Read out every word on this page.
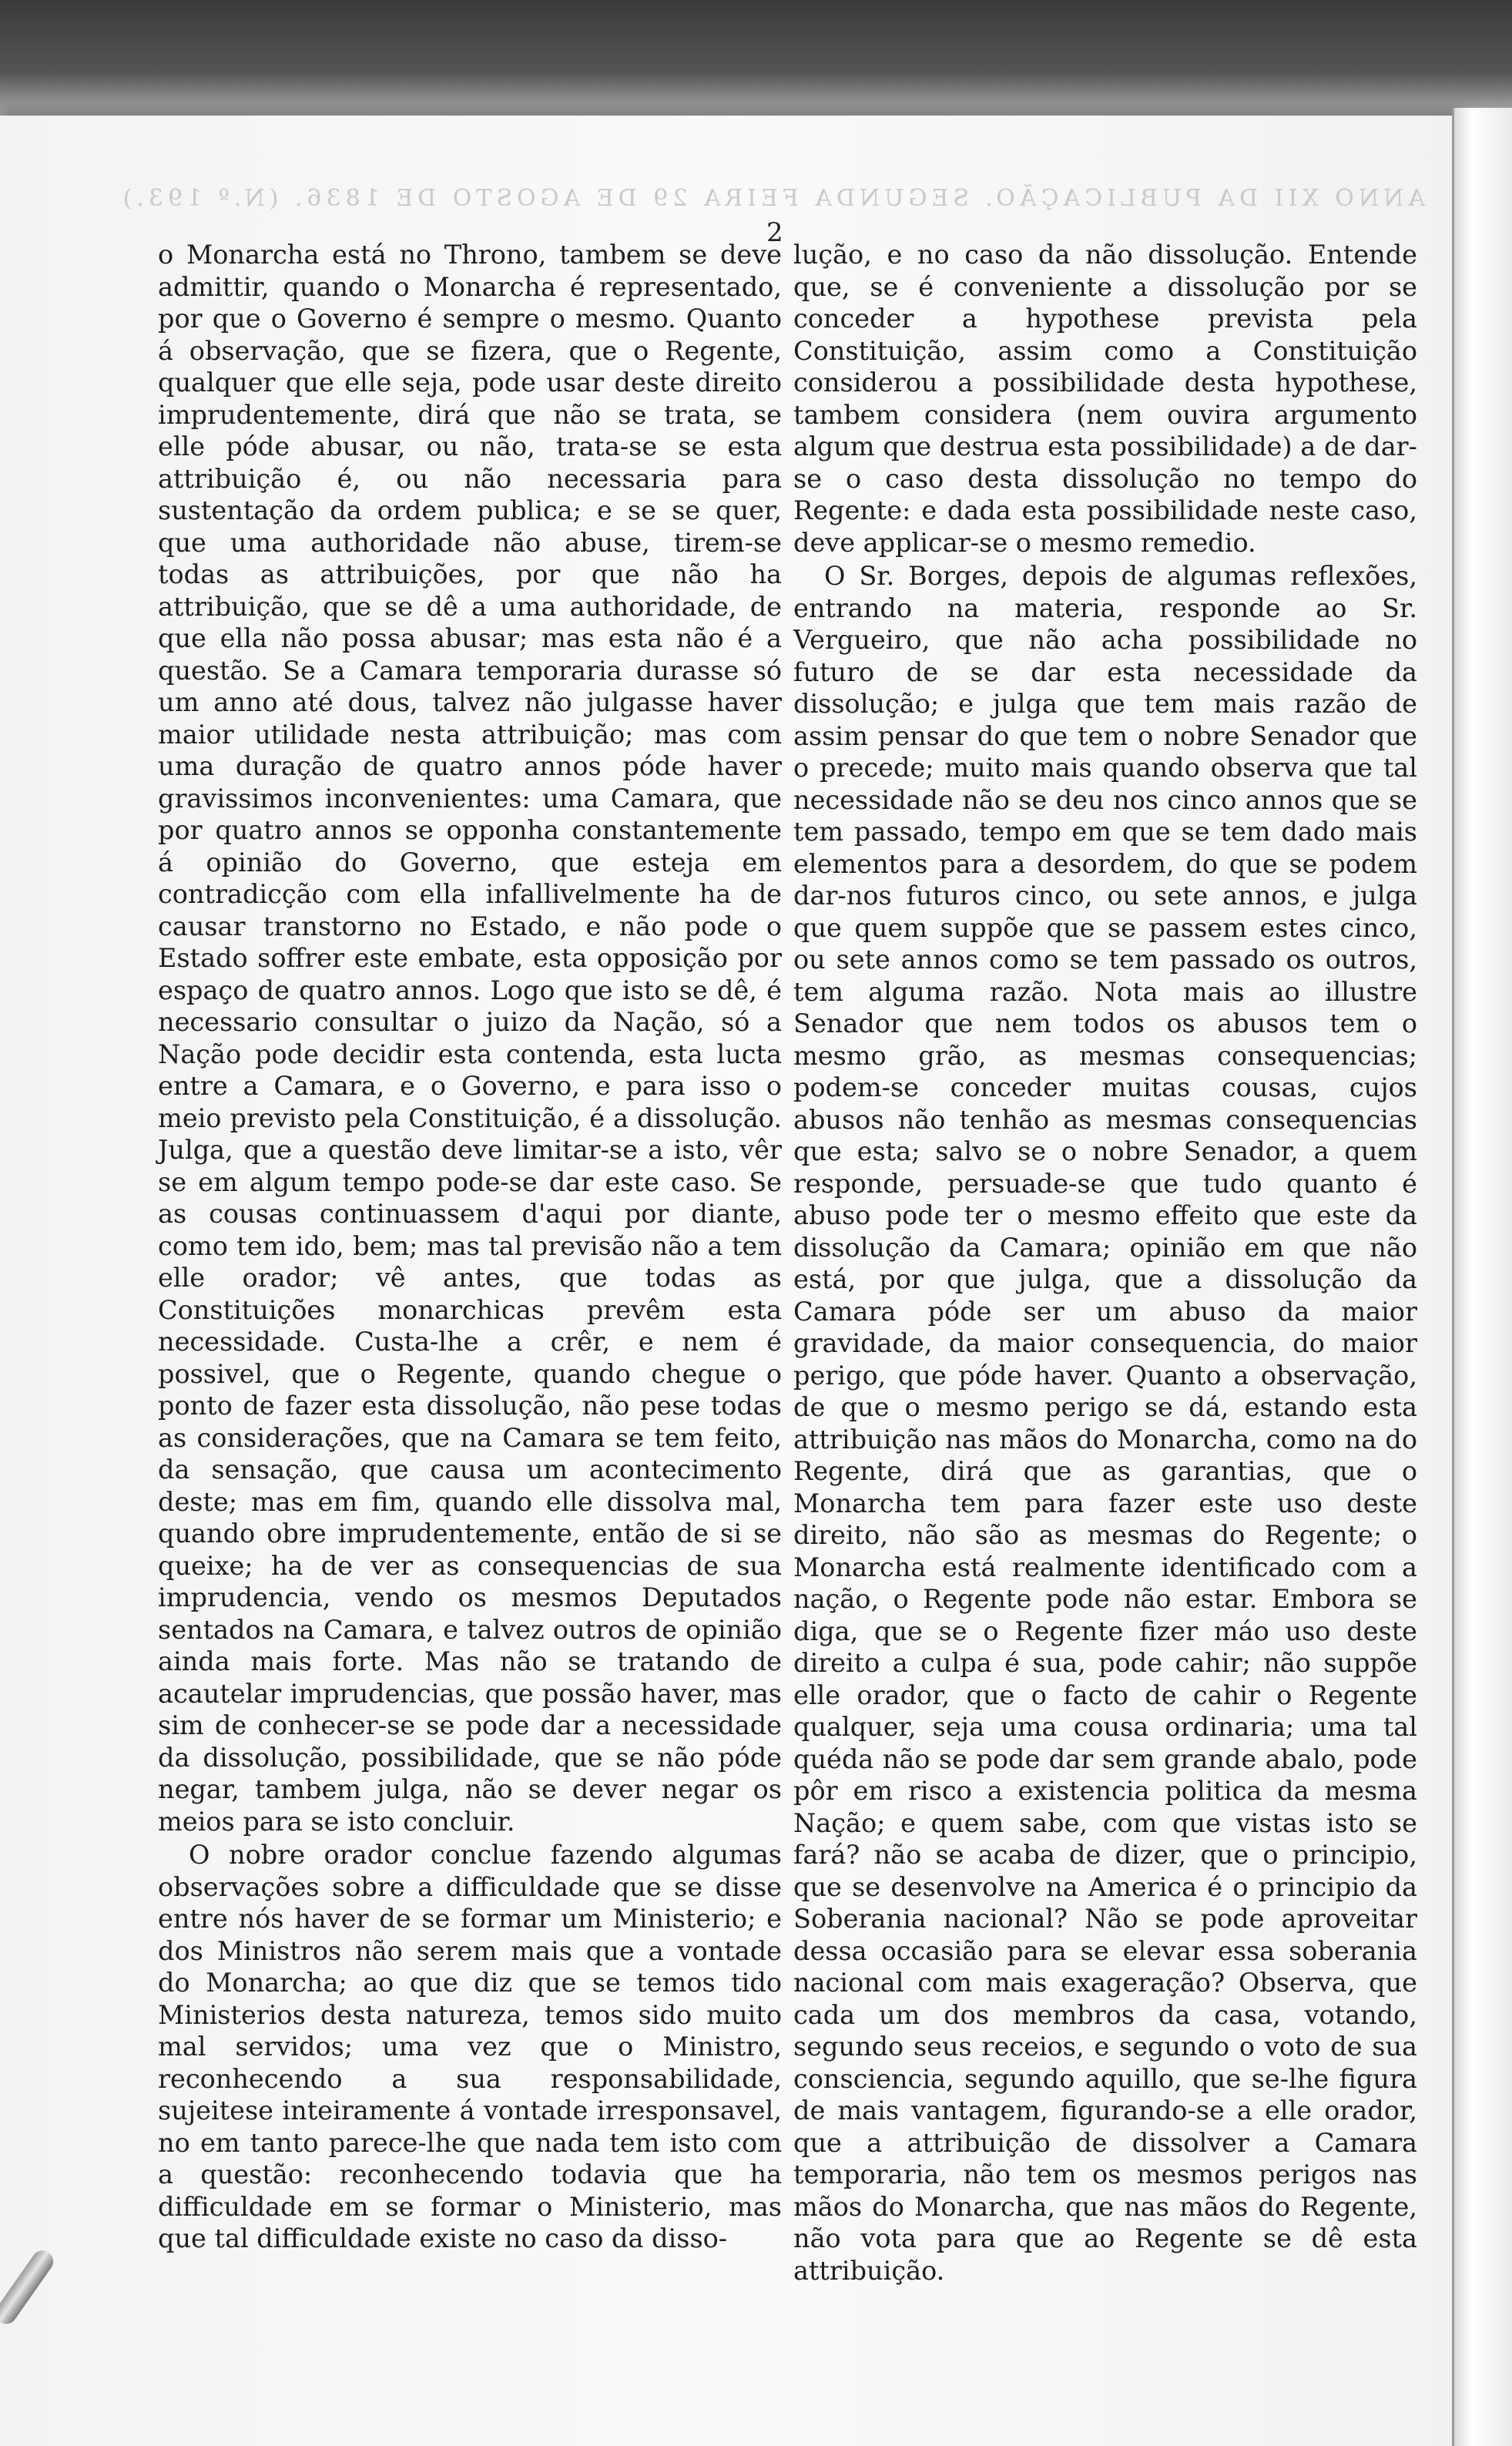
ANNO XII DA PUBLICAÇÃO. SEGUNDA FEIRA 29 DE AGOSTO DE 1836. (N.º 193.)
2

o Monarcha está no Throno, tambem se deve admittir, quando o Monarcha é representado, por que o Governo é sempre o mesmo. Quanto á observação, que se fizera, que o Regente, qualquer que elle seja, pode usar deste direito imprudentemente, dirá que não se trata, se elle póde abusar, ou não, trata-se se esta attribuição é, ou não necessaria para sustentação da ordem publica; e se se quer, que uma authoridade não abuse, tirem-se todas as attribuições, por que não ha attribuição, que se dê a uma authoridade, de que ella não possa abusar; mas esta não é a questão. Se a Camara temporaria durasse só um anno até dous, talvez não julgasse haver maior utilidade nesta attribuição; mas com uma duração de quatro annos póde haver gravissimos inconvenientes: uma Camara, que por quatro annos se opponha constantemente á opinião do Governo, que esteja em contradicção com ella infallivelmente ha de causar transtorno no Estado, e não pode o Estado soffrer este embate, esta opposição por espaço de quatro annos. Logo que isto se dê, é necessario consultar o juizo da Nação, só a Nação pode decidir esta contenda, esta lucta entre a Camara, e o Governo, e para isso o meio previsto pela Constituição, é a dissolução. Julga, que a questão deve limitar-se a isto, vêr se em algum tempo pode-se dar este caso. Se as cousas continuassem d'aqui por diante, como tem ido, bem; mas tal previsão não a tem elle orador; vê antes, que todas as Constituições monarchicas prevêm esta necessidade. Custa-lhe a crêr, e nem é possivel, que o Regente, quando chegue o ponto de fazer esta dissolução, não pese todas as considerações, que na Camara se tem feito, da sensação, que causa um acontecimento deste; mas em fim, quando elle dissolva mal, quando obre imprudentemente, então de si se queixe; ha de ver as consequencias de sua imprudencia, vendo os mesmos Deputados sentados na Camara, e talvez outros de opinião ainda mais forte. Mas não se tratando de acautelar imprudencias, que possão haver, mas sim de conhecer-se se pode dar a necessidade da dissolução, possibilidade, que se não póde negar, tambem julga, não se dever negar os meios para se isto concluir.

O nobre orador conclue fazendo algumas observações sobre a difficuldade que se disse entre nós haver de se formar um Ministerio; e dos Ministros não serem mais que a vontade do Monarcha; ao que diz que se temos tido Ministerios desta natureza, temos sido muito mal servidos; uma vez que o Ministro, reconhecendo a sua responsabilidade, sujeitese inteiramente á vontade irresponsavel, no em tanto parece-lhe que nada tem isto com a questão: reconhecendo todavia que ha difficuldade em se formar o Ministerio, mas que tal difficuldade existe no caso da disso-

lução, e no caso da não dissolução. Entende que, se é conveniente a dissolução por se conceder a hypothese prevista pela Constituição, assim como a Constituição considerou a possibilidade desta hypothese, tambem considera (nem ouvira argumento algum que destrua esta possibilidade) a de dar-se o caso desta dissolução no tempo do Regente: e dada esta possibilidade neste caso, deve applicar-se o mesmo remedio.

O Sr. Borges, depois de algumas reflexões, entrando na materia, responde ao Sr. Vergueiro, que não acha possibilidade no futuro de se dar esta necessidade da dissolução; e julga que tem mais razão de assim pensar do que tem o nobre Senador que o precede; muito mais quando observa que tal necessidade não se deu nos cinco annos que se tem passado, tempo em que se tem dado mais elementos para a desordem, do que se podem dar-nos futuros cinco, ou sete annos, e julga que quem suppõe que se passem estes cinco, ou sete annos como se tem passado os outros, tem alguma razão. Nota mais ao illustre Senador que nem todos os abusos tem o mesmo grão, as mesmas consequencias; podem-se conceder muitas cousas, cujos abusos não tenhão as mesmas consequencias que esta; salvo se o nobre Senador, a quem responde, persuade-se que tudo quanto é abuso pode ter o mesmo effeito que este da dissolução da Camara; opinião em que não está, por que julga, que a dissolução da Camara póde ser um abuso da maior gravidade, da maior consequencia, do maior perigo, que póde haver. Quanto a observação, de que o mesmo perigo se dá, estando esta attribuição nas mãos do Monarcha, como na do Regente, dirá que as garantias, que o Monarcha tem para fazer este uso deste direito, não são as mesmas do Regente; o Monarcha está realmente identificado com a nação, o Regente pode não estar. Embora se diga, que se o Regente fizer máo uso deste direito a culpa é sua, pode cahir; não suppõe elle orador, que o facto de cahir o Regente qualquer, seja uma cousa ordinaria; uma tal quéda não se pode dar sem grande abalo, pode pôr em risco a existencia politica da mesma Nação; e quem sabe, com que vistas isto se fará? não se acaba de dizer, que o principio, que se desenvolve na America é o principio da Soberania nacional? Não se pode aproveitar dessa occasião para se elevar essa soberania nacional com mais exageração? Observa, que cada um dos membros da casa, votando, segundo seus receios, e segundo o voto de sua consciencia, segundo aquillo, que se-lhe figura de mais vantagem, figurando-se a elle orador, que a attribuição de dissolver a Camara temporaria, não tem os mesmos perigos nas mãos do Monarcha, que nas mãos do Regente, não vota para que ao Regente se dê esta attribuição.
